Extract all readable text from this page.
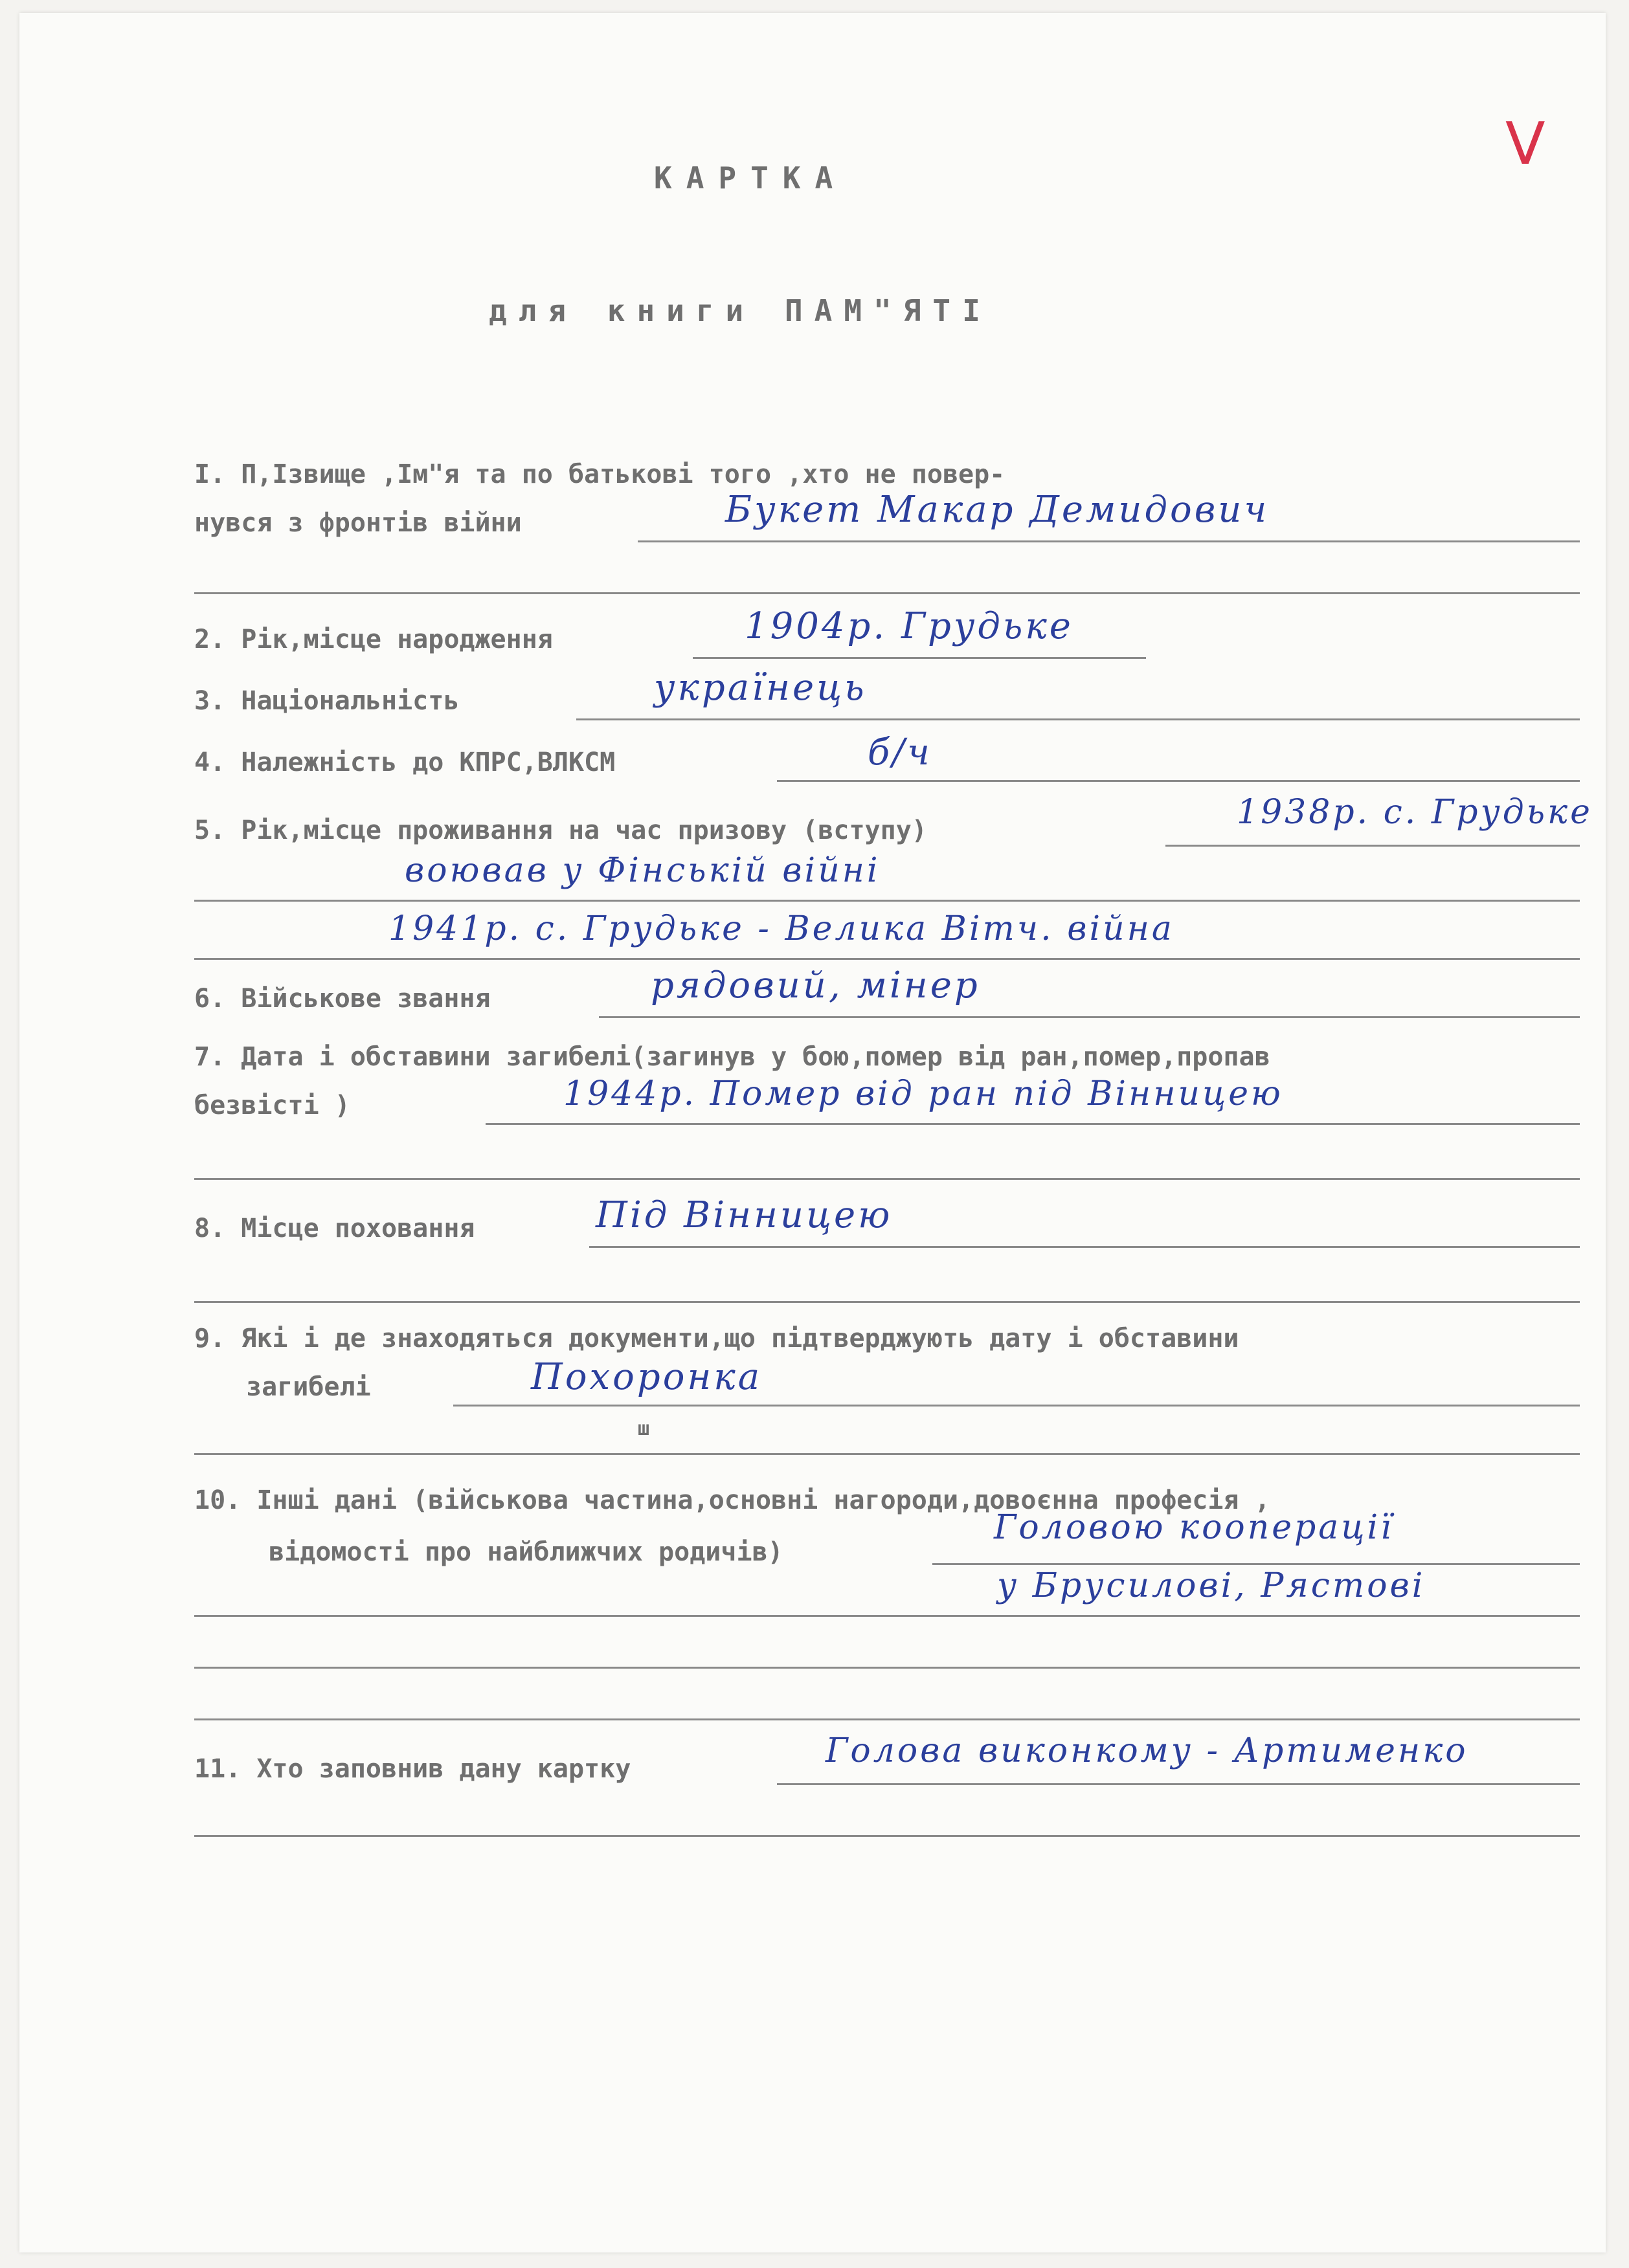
V
КАРТКА
для книги ПАМ"ЯТІ
І. П,Ізвище ,Ім"я та по батькові того ,хто не повер-
нувся з фронтів війни	Букет Макар Демидович
2. Рік,місце народження	1904р. Грудьке
3. Національність	українець
4. Належність до КПРС,ВЛКСМ	б/ч
5. Рік,місце проживання на час призову (вступу)	1938р. с. Грудьке
воював у Фінській війні
1941р. с. Грудьке - Велика Вітч. війна
6. Військове звання	рядовий, мінер
7. Дата і обставини загибелі(загинув у бою,помер від ран,помер,пропав
безвісті )	1944р. Помер від ран під Вінницею
8. Місце поховання	Під Вінницею
9. Які і де знаходяться документи,що підтверджують дату і обставини
загибелі	Похоронка
ш
10. Інші дані (військова частина,основні нагороди,довоєнна професія ,
відомості про найближчих родичів)
Головою кооперації
у Брусилові, Рястові
11. Хто заповнив дану картку	Голова виконкому - Артименко
